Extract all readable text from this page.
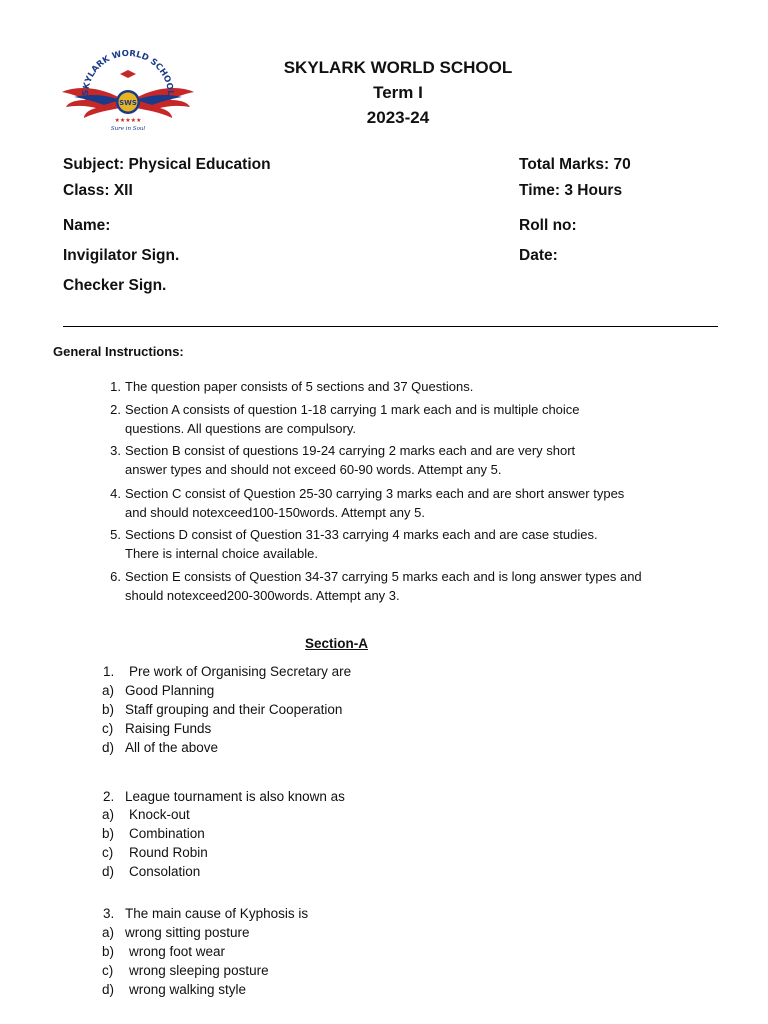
SKYLARK WORLD SCHOOL
SWS
★★★★★
Sure in Soul
SKYLARK WORLD SCHOOL
Term I
2023-24
Subject: Physical Education
Class: XII
Total Marks: 70
Time: 3 Hours
Name:	Roll no:
Invigilator Sign.	Date:
Checker Sign.
General Instructions:
1. The question paper consists of 5 sections and 37 Questions.
2. Section A consists of question 1-18 carrying 1 mark each and is multiple choice
questions. All questions are compulsory.
3. Section B consist of questions 19-24 carrying 2 marks each and are very short
answer types and should not exceed 60-90 words. Attempt any 5.
4. Section C consist of Question 25-30 carrying 3 marks each and are short answer types
and should notexceed100-150words. Attempt any 5.
5. Sections D consist of Question 31-33 carrying 4 marks each and are case studies.
There is internal choice available.
6. Section E consists of Question 34-37 carrying 5 marks each and is long answer types and
should notexceed200-300words. Attempt any 3.
Section-A
1. Pre work of Organising Secretary are
a) Good Planning
b) Staff grouping and their Cooperation
c) Raising Funds
d) All of the above
2. League tournament is also known as
a) Knock-out
b) Combination
c) Round Robin
d) Consolation
3. The main cause of Kyphosis is
a) wrong sitting posture
b) wrong foot wear
c) wrong sleeping posture
d) wrong walking style
